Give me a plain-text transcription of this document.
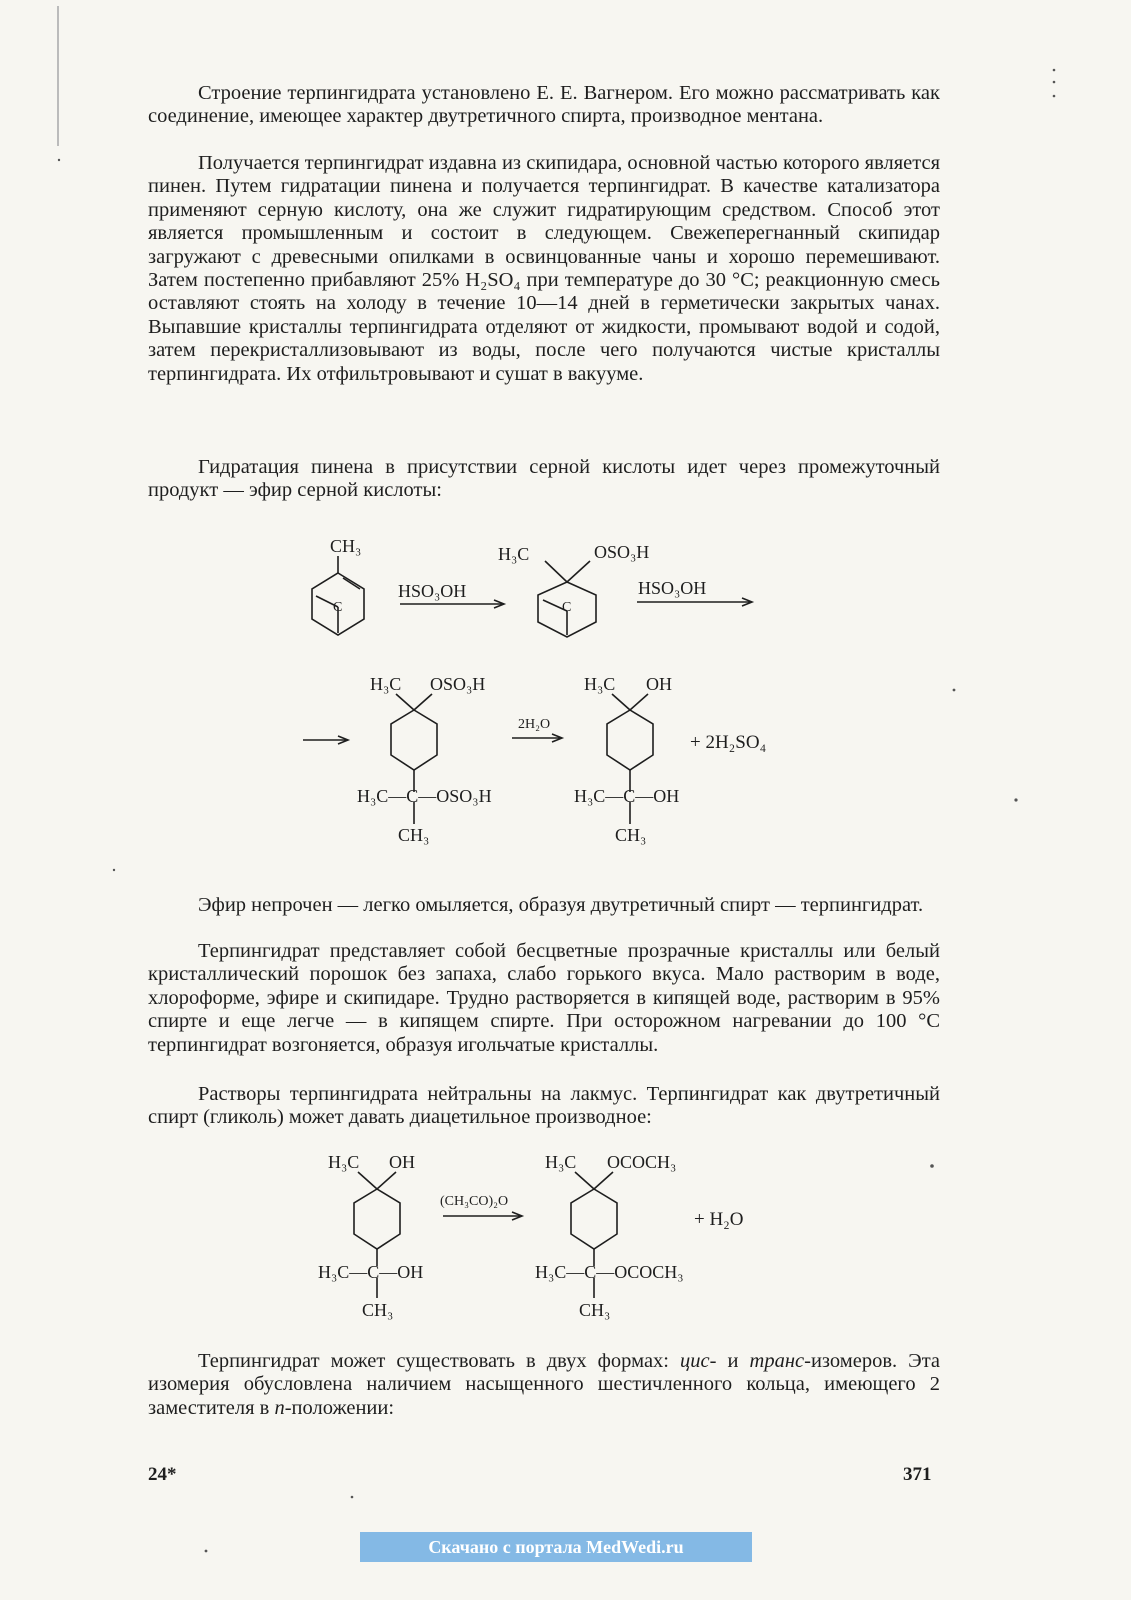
Строение терпингидрата установлено Е. Е. Вагнером. Его можно рассматривать как соединение, имеющее характер двутретичного спирта, производное ментана.

Получается терпингидрат издавна из скипидара, основной частью которого является пинен. Путем гидратации пинена и получается терпингидрат. В качестве катализатора применяют серную кислоту, она же служит гидратирующим средством. Способ этот является промышленным и состоит в следующем. Свежеперегнанный скипидар загружают с древесными опилками в освинцованные чаны и хорошо перемешивают. Затем постепенно прибавляют 25% H₂SO₄ при температуре до 30 °С; реакционную смесь оставляют стоять на холоду в течение 10—14 дней в герметически закрытых чанах. Выпавшие кристаллы терпингидрата отделяют от жидкости, промывают водой и содой, затем перекристаллизовывают из воды, после чего получаются чистые кристаллы терпингидрата. Их отфильтровывают и сушат в вакууме.

Гидратация пинена в присутствии серной кислоты идет через промежуточный продукт — эфир серной кислоты:

CH₃
C
HSO₃OH
H₃C	OSO₃H
C
HSO₃OH
H₃C OSO₃H
H₃C—C—OSO₃H
CH₃
2H₂O
H₃C OH
H₃C—C—OH
CH₃
+ 2H₂SO₄

Эфир непрочен — легко омыляется, образуя двутретичный спирт — терпингидрат.

Терпингидрат представляет собой бесцветные прозрачные кристаллы или белый кристаллический порошок без запаха, слабо горького вкуса. Мало растворим в воде, хлороформе, эфире и скипидаре. Трудно растворяется в кипящей воде, растворим в 95% спирте и еще легче — в кипящем спирте. При осторожном нагревании до 100 °С терпингидрат возгоняется, образуя игольчатые кристаллы.

Растворы терпингидрата нейтральны на лакмус. Терпингидрат как двутретичный спирт (гликоль) может давать диацетильное производное:

H₃C OH
H₃C—C—OH
CH₃
(CH₃CO)₂O
H₃C OCOCH₃
H₃C—C—OCOCH₃
CH₃
+ H₂O

Терпингидрат может существовать в двух формах: цис- и транс-изомеров. Эта изомерия обусловлена наличием насыщенного шестичленного кольца, имеющего 2 заместителя в п-положении:

24*	371
Скачано с портала MedWedi.ru
